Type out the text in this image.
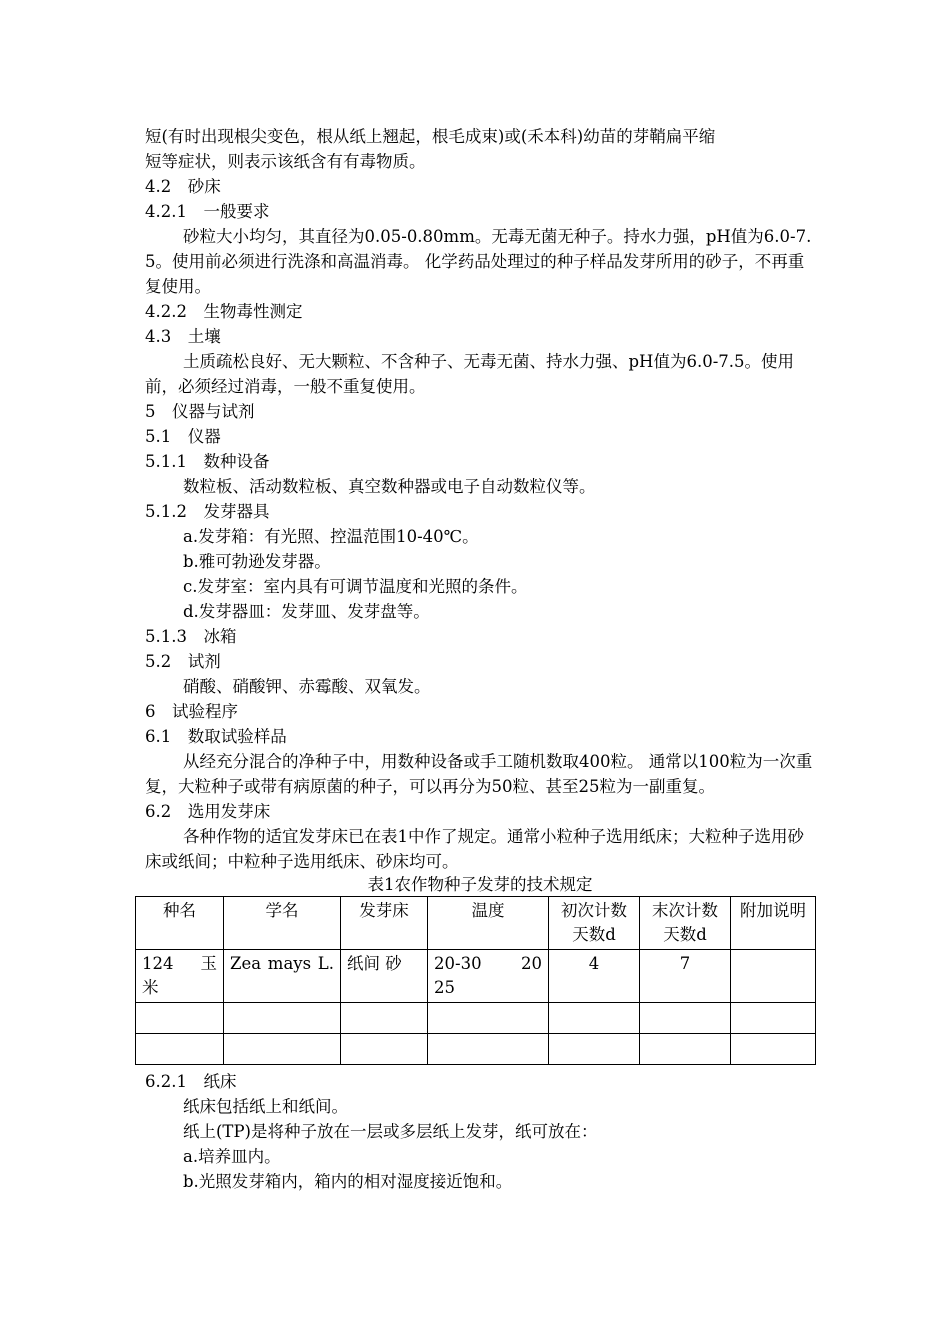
短(有时出现根尖变色，根从纸上翘起，根毛成束)或(禾本科)幼苗的芽鞘扁平缩

短等症状，则表示该纸含有有毒物质。

4.2　砂床

4.2.1　一般要求

砂粒大小均匀，其直径为0.05-0.80mm。无毒无菌无种子。持水力强，pH值为6.0-7.5。使用前必须进行洗涤和高温消毒。 化学药品处理过的种子样品发芽所用的砂子，不再重复使用。

4.2.2　生物毒性测定

4.3　土壤

土质疏松良好、无大颗粒、不含种子、无毒无菌、持水力强、pH值为6.0-7.5。使用前，必须经过消毒，一般不重复使用。

5　仪器与试剂

5.1　仪器

5.1.1　数种设备

数粒板、活动数粒板、真空数种器或电子自动数粒仪等。

5.1.2　发芽器具

a.发芽箱：有光照、控温范围10-40℃。

b.雅可勃逊发芽器。

c.发芽室：室内具有可调节温度和光照的条件。

d.发芽器皿：发芽皿、发芽盘等。

5.1.3　冰箱

5.2　试剂

硝酸、硝酸钾、赤霉酸、双氧发。

6　试验程序

6.1　数取试验样品

从经充分混合的净种子中，用数种设备或手工随机数取400粒。 通常以100粒为一次重复，大粒种子或带有病原菌的种子，可以再分为50粒、甚至25粒为一副重复。

6.2　选用发芽床

各种作物的适宜发芽床已在表1中作了规定。通常小粒种子选用纸床；大粒种子选用砂床或纸间；中粒种子选用纸床、砂床均可。

表1农作物种子发芽的技术规定

种名	学名	发芽床	温度	初次计数天数d	末次计数天数d	附加说明
124　玉米	Zea mays L.	纸间 砂	20-30　　20 25	4	7	

6.2.1　纸床

纸床包括纸上和纸间。

纸上(TP)是将种子放在一层或多层纸上发芽，纸可放在：

a.培养皿内。

b.光照发芽箱内，箱内的相对湿度接近饱和。
